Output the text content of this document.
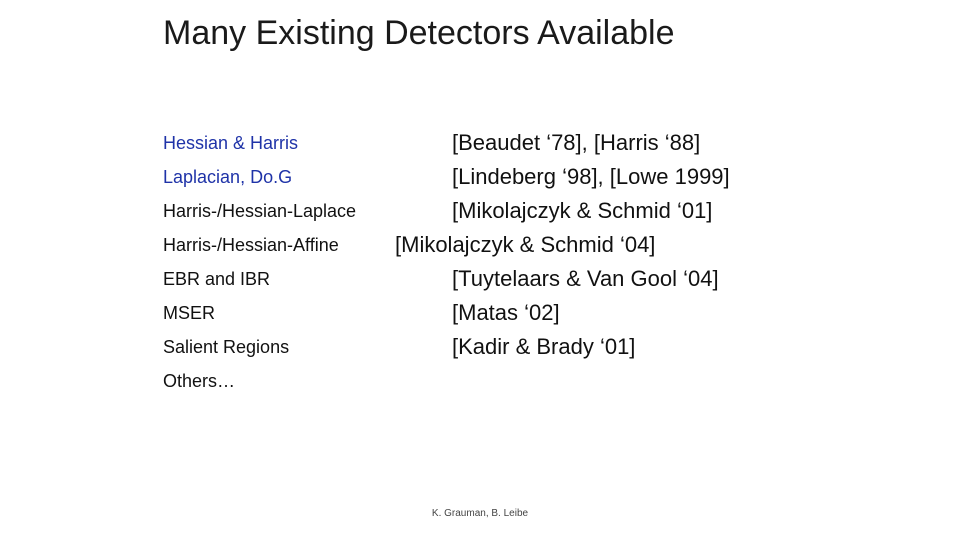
Many Existing Detectors Available
Hessian & Harris	[Beaudet ‘78], [Harris ‘88]
Laplacian, Do.G	[Lindeberg ‘98], [Lowe 1999]
Harris-/Hessian-Laplace	[Mikolajczyk & Schmid ‘01]
Harris-/Hessian-Affine	[Mikolajczyk & Schmid ‘04]
EBR and IBR	[Tuytelaars & Van Gool ‘04]
MSER	[Matas ‘02]
Salient Regions	[Kadir & Brady ‘01]
Others…
K. Grauman, B. Leibe
